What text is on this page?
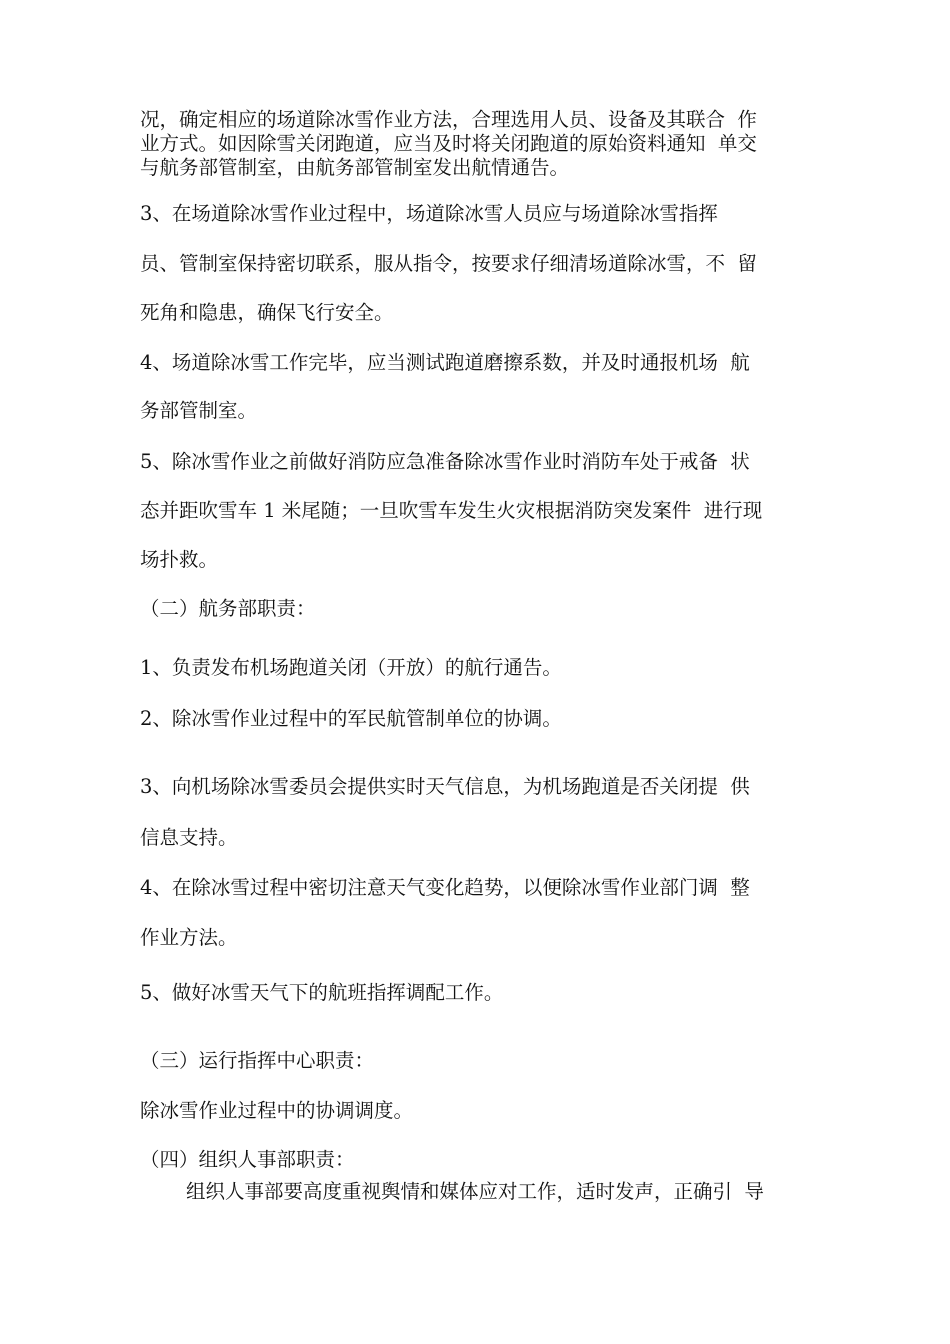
况，确定相应的场道除冰雪作业方法，合理选用人员、设备及其联合  作

业方式。如因除雪关闭跑道，应当及时将关闭跑道的原始资料通知  单交

与航务部管制室，由航务部管制室发出航情通告。

3、在场道除冰雪作业过程中，场道除冰雪人员应与场道除冰雪指挥

员、管制室保持密切联系，服从指令，按要求仔细清场道除冰雪，不  留

死角和隐患，确保飞行安全。

4、场道除冰雪工作完毕，应当测试跑道磨擦系数，并及时通报机场  航

务部管制室。

5、除冰雪作业之前做好消防应急准备除冰雪作业时消防车处于戒备  状

态并距吹雪车 1 米尾随；一旦吹雪车发生火灾根据消防突发案件  进行现

场扑救。

（二）航务部职责：

1、负责发布机场跑道关闭（开放）的航行通告。

2、除冰雪作业过程中的军民航管制单位的协调。

3、向机场除冰雪委员会提供实时天气信息，为机场跑道是否关闭提  供

信息支持。

4、在除冰雪过程中密切注意天气变化趋势，以便除冰雪作业部门调  整

作业方法。

5、做好冰雪天气下的航班指挥调配工作。

（三）运行指挥中心职责：

除冰雪作业过程中的协调调度。

（四）组织人事部职责：

组织人事部要高度重视舆情和媒体应对工作，适时发声，正确引  导
